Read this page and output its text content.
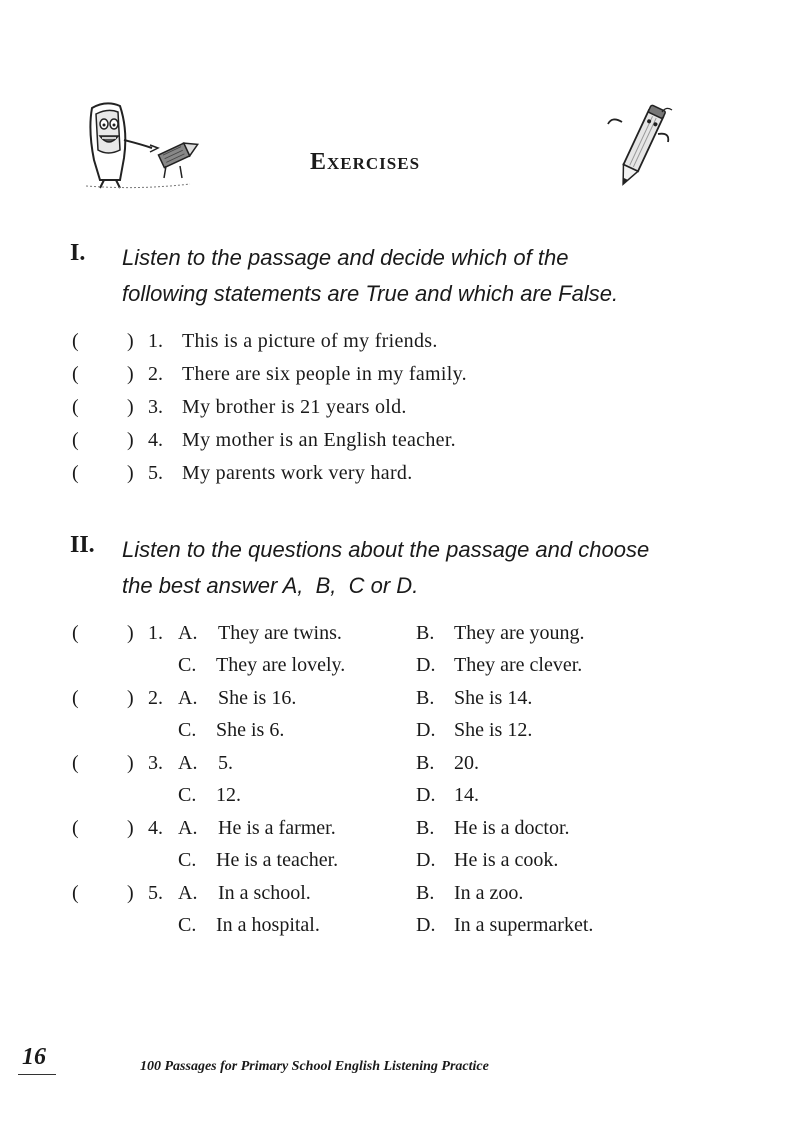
Exercises
I. Listen to the passage and decide which of the
following statements are True and which are False.
( ) 1. This is a picture of my friends.
( ) 2. There are six people in my family.
( ) 3. My brother is 21 years old.
( ) 4. My mother is an English teacher.
( ) 5. My parents work very hard.
II. Listen to the questions about the passage and choose
the best answer A,  B,  C or D.
( ) 1. A. They are twins.	B. They are young.
C. They are lovely.	D. They are clever.
( ) 2. A. She is 16.	B. She is 14.
C. She is 6.	D. She is 12.
( ) 3. A. 5.	B. 20.
C. 12.	D. 14.
( ) 4. A. He is a farmer.	B. He is a doctor.
C. He is a teacher.	D. He is a cook.
( ) 5. A. In a school.	B. In a zoo.
C. In a hospital.	D. In a supermarket.
16	100 Passages for Primary School English Listening Practice
